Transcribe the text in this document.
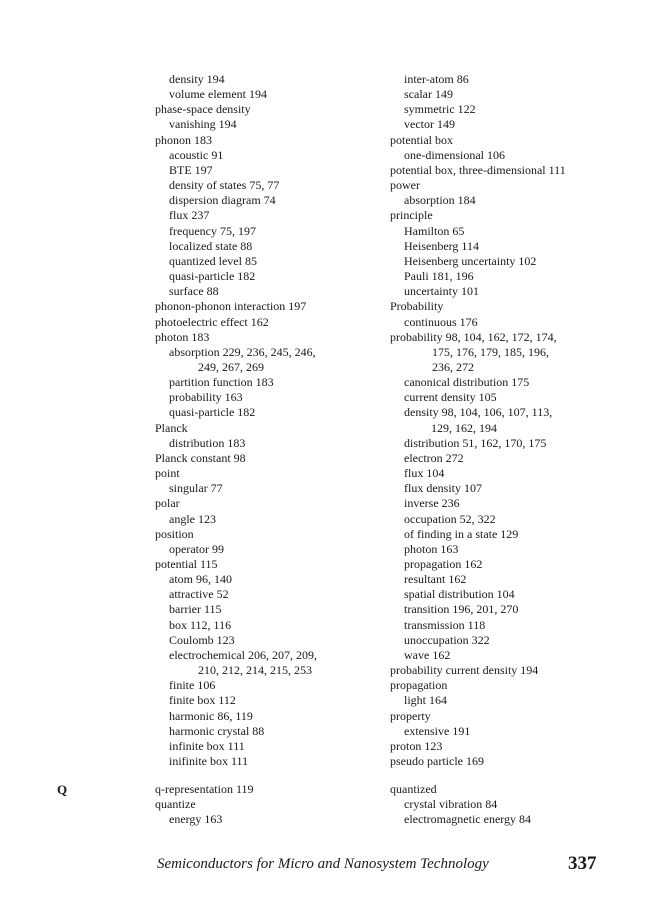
density 194
volume element 194
phase-space density
vanishing 194
phonon 183
acoustic 91
BTE 197
density of states 75, 77
dispersion diagram 74
flux 237
frequency 75, 197
localized state 88
quantized level 85
quasi-particle 182
surface 88
phonon-phonon interaction 197
photoelectric effect 162
photon 183
absorption 229, 236, 245, 246,
249, 267, 269
partition function 183
probability 163
quasi-particle 182
Planck
distribution 183
Planck constant 98
point
singular 77
polar
angle 123
position
operator 99
potential 115
atom 96, 140
attractive 52
barrier 115
box 112, 116
Coulomb 123
electrochemical 206, 207, 209,
210, 212, 214, 215, 253
finite 106
finite box 112
harmonic 86, 119
harmonic crystal 88
infinite box 111
inifinite box 111
inter-atom 86
scalar 149
symmetric 122
vector 149
potential box
one-dimensional 106
potential box, three-dimensional 111
power
absorption 184
principle
Hamilton 65
Heisenberg 114
Heisenberg uncertainty 102
Pauli 181, 196
uncertainty 101
Probability
continuous 176
probability 98, 104, 162, 172, 174,
175, 176, 179, 185, 196,
236, 272
canonical distribution 175
current density 105
density 98, 104, 106, 107, 113,
129, 162, 194
distribution 51, 162, 170, 175
electron 272
flux 104
flux density 107
inverse 236
occupation 52, 322
of finding in a state 129
photon 163
propagation 162
resultant 162
spatial distribution 104
transition 196, 201, 270
transmission 118
unoccupation 322
wave 162
probability current density 194
propagation
light 164
property
extensive 191
proton 123
pseudo particle 169
Q	q-representation 119
quantize
energy 163
quantized
crystal vibration 84
electromagnetic energy 84
Semiconductors for Micro and Nanosystem Technology	337
